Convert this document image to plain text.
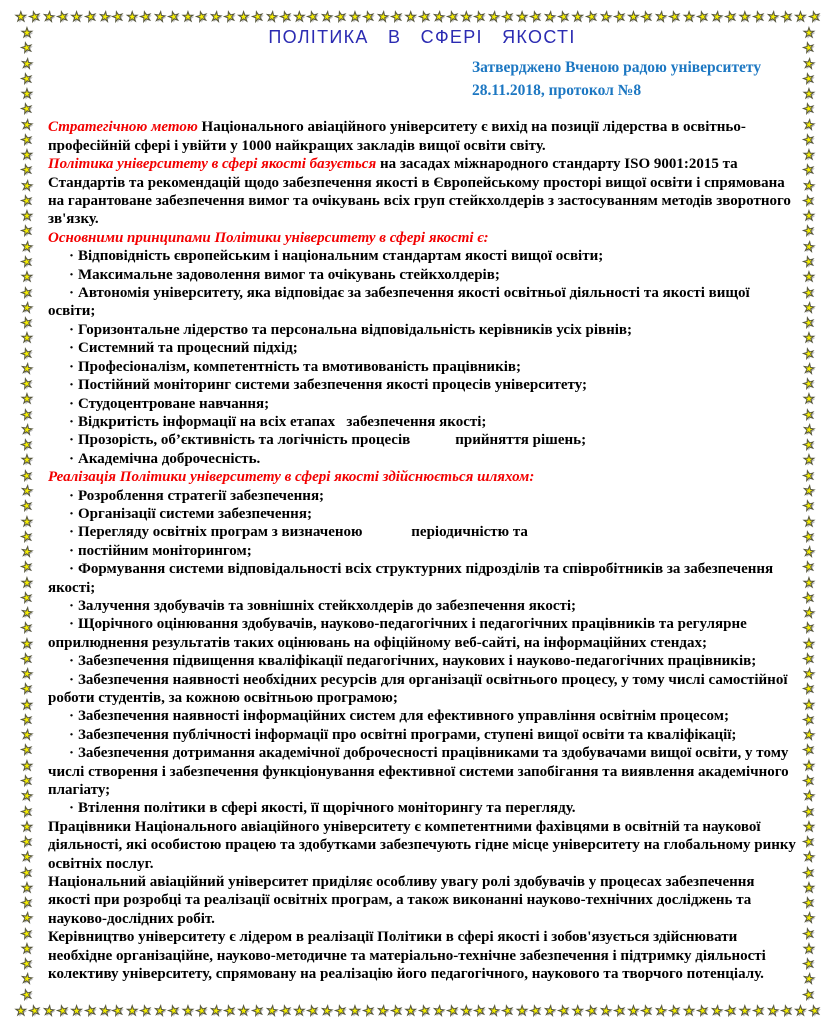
★ ★ ★ ★ ★ ★ ★ ★ ★ ★ ★ ★ ★ ★ ★ ★ ★ ★ ★ ★ ★ ★ ★ ★ ★ ★ ★ ★ ★ ★ ★ ★ ★ ★ ★ ★ ★ ★ ★ ★ ★ ★ ★ ★ ★ ★ ★ ★ ★ ★ ★ ★ ★ ★ ★ ★ ★ ★
★
★
★
★
★
★
★
★
★
★
★
★
★
★
★
★
★
★
★
★
★
★
★
★
★
★
★
★
★
★
★
★
★
★
★
★
★
★
★
★
★
★
★
★
★
★
★
★
★
★
★
★
★
★
★
★
★
★
★
★
★
★
★
★
★
★
★
★
★
★
★
★
★
★
★
★
★
★
★
★
★
★
★
★
★
★
★
★
★
★
★
★
★
★
★
★
★
★
★
★
★
★
★
★
★
★
★
★
★
★
★
★
★
★
★
★
★
★
★
★
★
★
★
★
★
★
★
★
★ ★ ★ ★ ★ ★ ★ ★ ★ ★ ★ ★ ★ ★ ★ ★ ★ ★ ★ ★ ★ ★ ★ ★ ★ ★ ★ ★ ★ ★ ★ ★ ★ ★ ★ ★ ★ ★ ★ ★ ★ ★ ★ ★ ★ ★ ★ ★ ★ ★ ★ ★ ★ ★ ★ ★ ★ ★

ПОЛІТИКА В СФЕРІ ЯКОСТІ

Затверджено Вченою радою університету
28.11.2018, протокол №8

Стратегічною метою Національного авіаційного університету є вихід на позиції лідерства в освітньо-професійній сфері і увійти у 1000 найкращих закладів вищої освіти світу.

Політика університету в сфері якості базується на засадах міжнародного стандарту ISO 9001:2015 та Стандартів та рекомендацій щодо забезпечення якості в Європейському просторі вищої освіти і спрямована на гарантоване забезпечення вимог та очікувань всіх груп стейкхолдерів з застосуванням методів зворотного зв'язку.

Основними принципами Політики університету в сфері якості є:

· Відповідність європейським і національним стандартам якості вищої освіти;
· Максимальне задоволення вимог та очікувань стейкхолдерів;
· Автономія університету, яка відповідає за забезпечення якості освітньої діяльності та якості вищої освіти;
· Горизонтальне лідерство та персональна відповідальність керівників усіх рівнів;
· Системний та процесний підхід;
· Професіоналізм, компетентність та вмотивованість працівників;
· Постійний моніторинг системи забезпечення якості процесів університету;
· Студоцентроване навчання;
· Відкритість інформації на всіх етапах   забезпечення якості;
· Прозорість, об’єктивність та логічність процесів            прийняття рішень;
· Академічна доброчесність.

Реалізація Політики університету в сфері якості здійснюється шляхом:

· Розроблення стратегії забезпечення;
· Організації системи забезпечення;
· Перегляду освітніх програм з визначеною             періодичністю та
· постійним моніторингом;
· Формування системи відповідальності всіх структурних підрозділів та співробітників за забезпечення якості;
· Залучення здобувачів та зовнішніх стейкхолдерів до забезпечення якості;
· Щорічного оцінювання здобувачів, науково-педагогічних і педагогічних працівників та регулярне оприлюднення результатів таких оцінювань на офіційному веб-сайті, на інформаційних стендах;
· Забезпечення підвищення кваліфікації педагогічних, наукових і науково-педагогічних працівників;
· Забезпечення наявності необхідних ресурсів для організації освітнього процесу, у тому числі самостійної роботи студентів, за кожною освітньою програмою;
· Забезпечення наявності інформаційних систем для ефективного управління освітнім процесом;
· Забезпечення публічності інформації про освітні програми, ступені вищої освіти та кваліфікації;
· Забезпечення дотримання академічної доброчесності працівниками та здобувачами вищої освіти, у тому числі створення і забезпечення функціонування ефективної системи запобігання та виявлення академічного плагіату;
· Втілення політики в сфері якості, її щорічного моніторингу та перегляду.

Працівники Національного авіаційного університету є компетентними фахівцями в освітній та наукової діяльності, які особистою працею та здобутками забезпечують гідне місце університету на глобальному ринку освітніх послуг.

Національний авіаційний університет приділяє особливу увагу ролі здобувачів у процесах забезпечення якості при розробці та реалізації освітніх програм, а також виконанні науково-технічних досліджень та науково-дослідних робіт.

Керівництво університету є лідером в реалізації Політики в сфері якості і зобов'язується здійснювати необхідне організаційне, науково-методичне та матеріально-технічне забезпечення і підтримку діяльності колективу університету, спрямовану на реалізацію його педагогічного, наукового та творчого потенціалу.
